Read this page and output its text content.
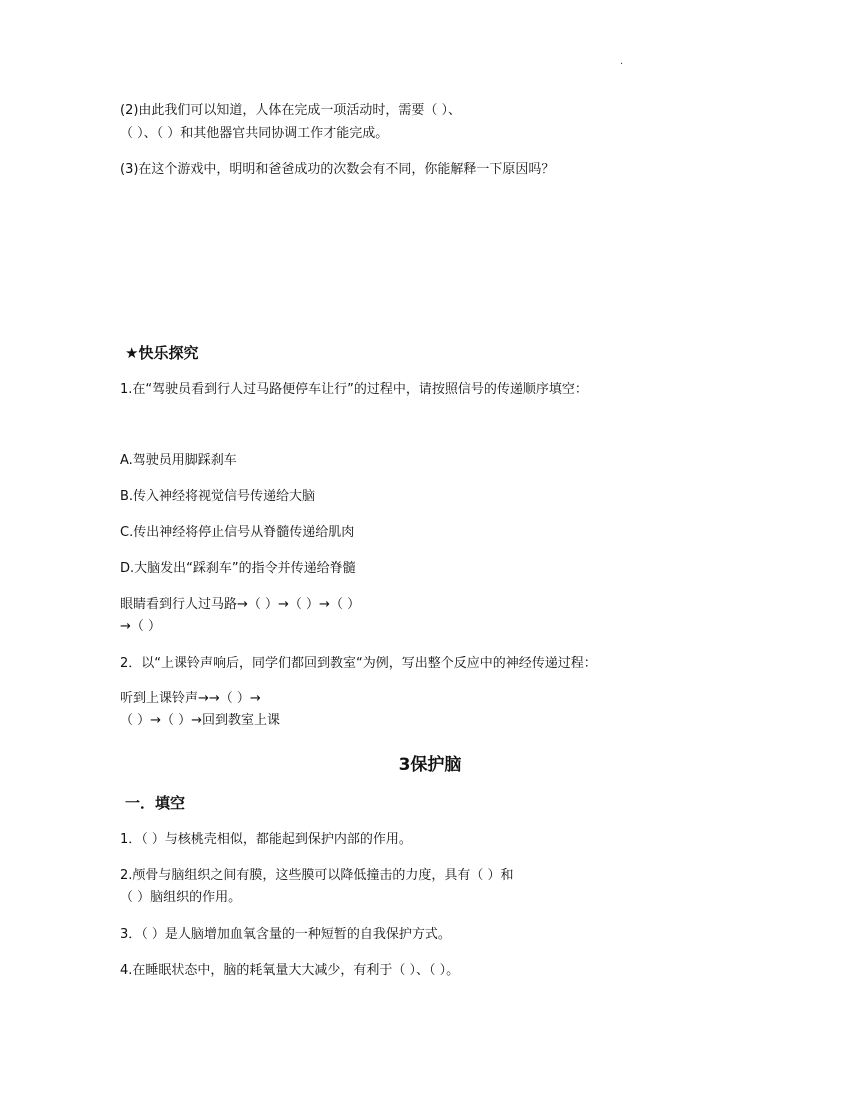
.
(2)由此我们可以知道，人体在完成一项活动时，需要（ ）、
（ ）、（ ）和其他器官共同协调工作才能完成。
(3)在这个游戏中，明明和爸爸成功的次数会有不同，你能解释一下原因吗？
★快乐探究
1.在“驾驶员看到行人过马路便停车让行”的过程中，请按照信号的传递顺序填空：
A.驾驶员用脚踩刹车
B.传入神经将视觉信号传递给大脑
C.传出神经将停止信号从脊髓传递给肌肉
D.大脑发出“踩刹车”的指令并传递给脊髓
眼睛看到行人过马路→（ ）→（ ）→（ ）
→（ ）
2．以“上课铃声响后，同学们都回到教室“为例，写出整个反应中的神经传递过程：
听到上课铃声→→（ ）→
（ ）→（ ）→回到教室上课
3保护脑
一．填空
1．（ ）与核桃壳相似，都能起到保护内部的作用。
2.颅骨与脑组织之间有膜，这些膜可以降低撞击的力度，具有（ ）和
（ ）脑组织的作用。
3．（ ）是人脑增加血氧含量的一种短暂的自我保护方式。
4.在睡眠状态中，脑的耗氧量大大减少，有利于（ ）、（ ）。
